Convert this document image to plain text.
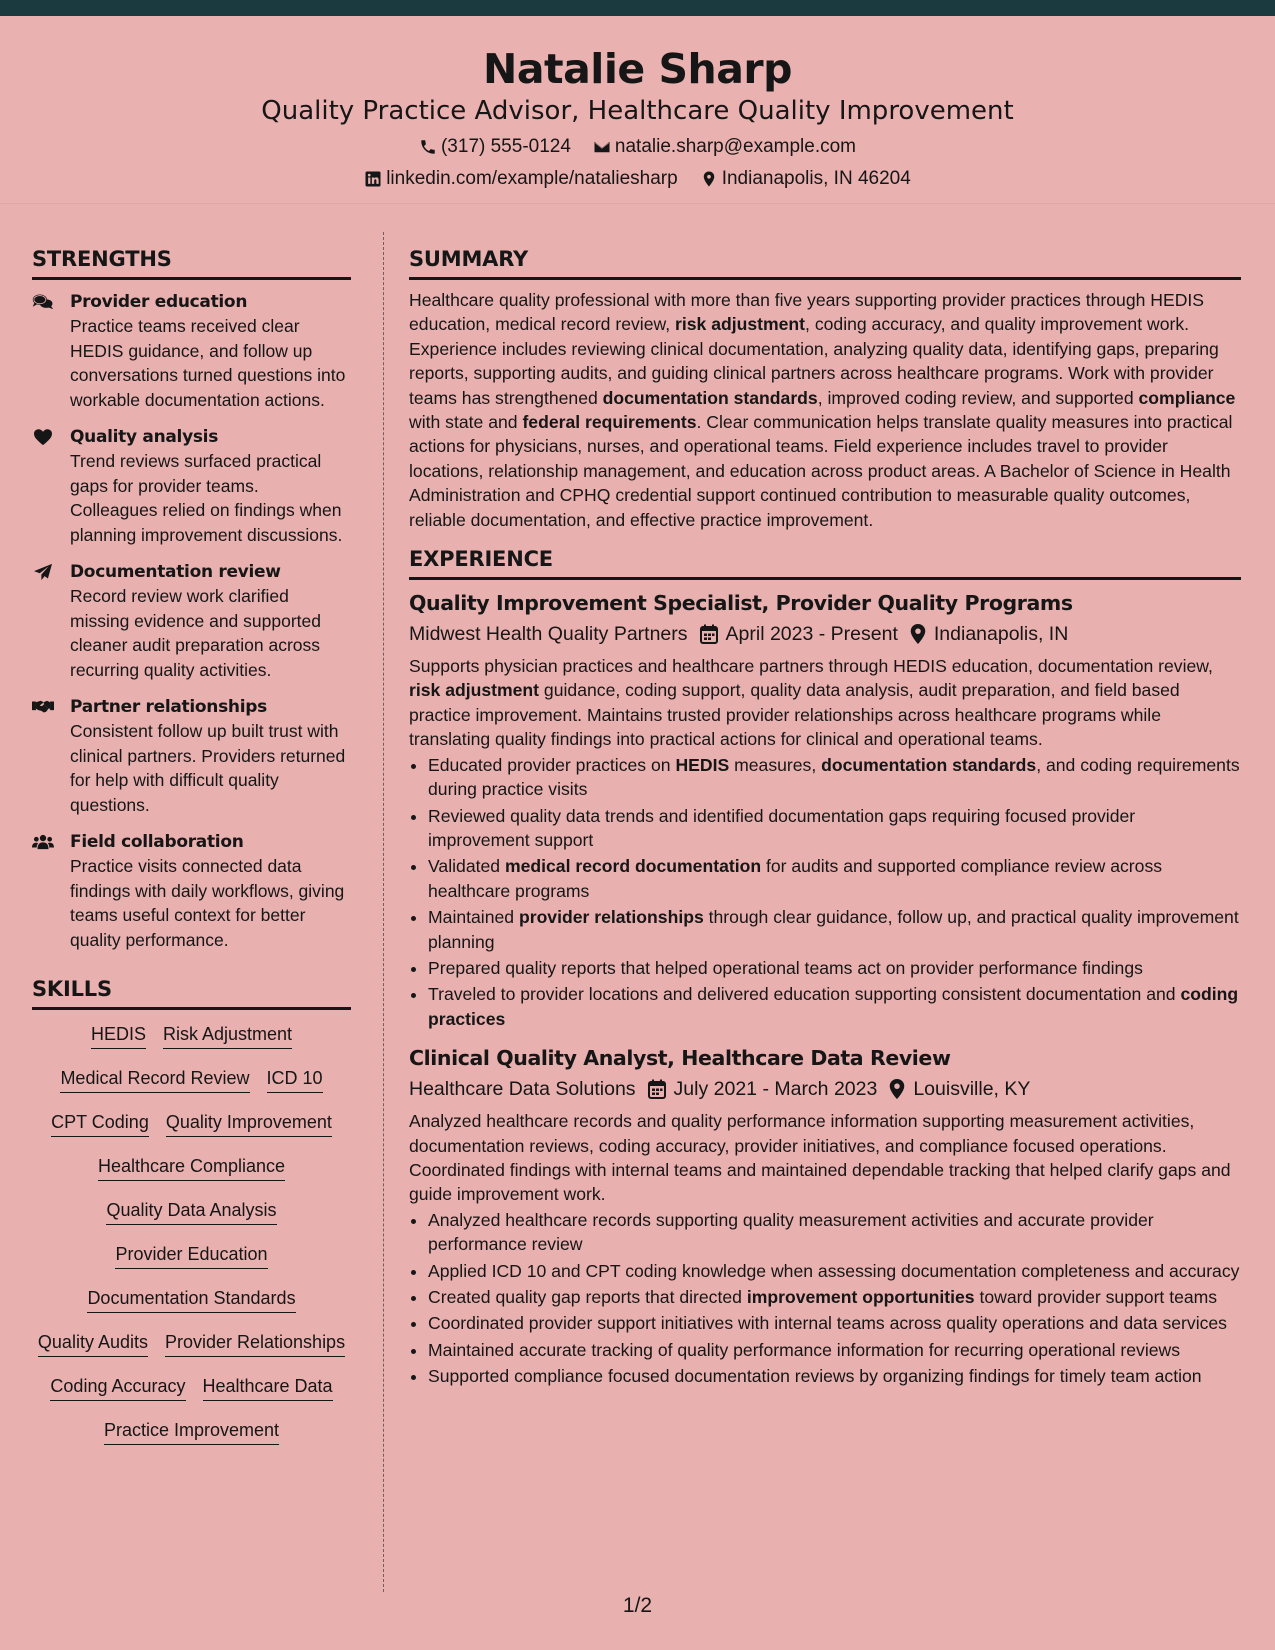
Natalie Sharp
Quality Practice Advisor, Healthcare Quality Improvement
(317) 555-0124 natalie.sharp@example.com
linkedin.com/example/nataliesharp Indianapolis, IN 46204
STRENGTHS
Provider education
Practice teams received clear HEDIS guidance, and follow up conversations turned questions into workable documentation actions.
Quality analysis
Trend reviews surfaced practical gaps for provider teams. Colleagues relied on findings when planning improvement discussions.
Documentation review
Record review work clarified missing evidence and supported cleaner audit preparation across recurring quality activities.
Partner relationships
Consistent follow up built trust with clinical partners. Providers returned for help with difficult quality questions.
Field collaboration
Practice visits connected data findings with daily workflows, giving teams useful context for better quality performance.
SKILLS
HEDIS Risk Adjustment
Medical Record Review ICD 10
CPT Coding Quality Improvement
Healthcare Compliance
Quality Data Analysis
Provider Education
Documentation Standards
Quality Audits Provider Relationships
Coding Accuracy Healthcare Data
Practice Improvement
SUMMARY
Healthcare quality professional with more than five years supporting provider practices through HEDIS education, medical record review, risk adjustment, coding accuracy, and quality improvement work. Experience includes reviewing clinical documentation, analyzing quality data, identifying gaps, preparing reports, supporting audits, and guiding clinical partners across healthcare programs. Work with provider teams has strengthened documentation standards, improved coding review, and supported compliance with state and federal requirements. Clear communication helps translate quality measures into practical actions for physicians, nurses, and operational teams. Field experience includes travel to provider locations, relationship management, and education across product areas. A Bachelor of Science in Health Administration and CPHQ credential support continued contribution to measurable quality outcomes, reliable documentation, and effective practice improvement.
EXPERIENCE
Quality Improvement Specialist, Provider Quality Programs
Midwest Health Quality Partners April 2023 - Present Indianapolis, IN
Supports physician practices and healthcare partners through HEDIS education, documentation review, risk adjustment guidance, coding support, quality data analysis, audit preparation, and field based practice improvement. Maintains trusted provider relationships across healthcare programs while translating quality findings into practical actions for clinical and operational teams.
• Educated provider practices on HEDIS measures, documentation standards, and coding requirements during practice visits
• Reviewed quality data trends and identified documentation gaps requiring focused provider improvement support
• Validated medical record documentation for audits and supported compliance review across healthcare programs
• Maintained provider relationships through clear guidance, follow up, and practical quality improvement planning
• Prepared quality reports that helped operational teams act on provider performance findings
• Traveled to provider locations and delivered education supporting consistent documentation and coding practices
Clinical Quality Analyst, Healthcare Data Review
Healthcare Data Solutions July 2021 - March 2023 Louisville, KY
Analyzed healthcare records and quality performance information supporting measurement activities, documentation reviews, coding accuracy, provider initiatives, and compliance focused operations. Coordinated findings with internal teams and maintained dependable tracking that helped clarify gaps and guide improvement work.
• Analyzed healthcare records supporting quality measurement activities and accurate provider performance review
• Applied ICD 10 and CPT coding knowledge when assessing documentation completeness and accuracy
• Created quality gap reports that directed improvement opportunities toward provider support teams
• Coordinated provider support initiatives with internal teams across quality operations and data services
• Maintained accurate tracking of quality performance information for recurring operational reviews
• Supported compliance focused documentation reviews by organizing findings for timely team action
1/2
